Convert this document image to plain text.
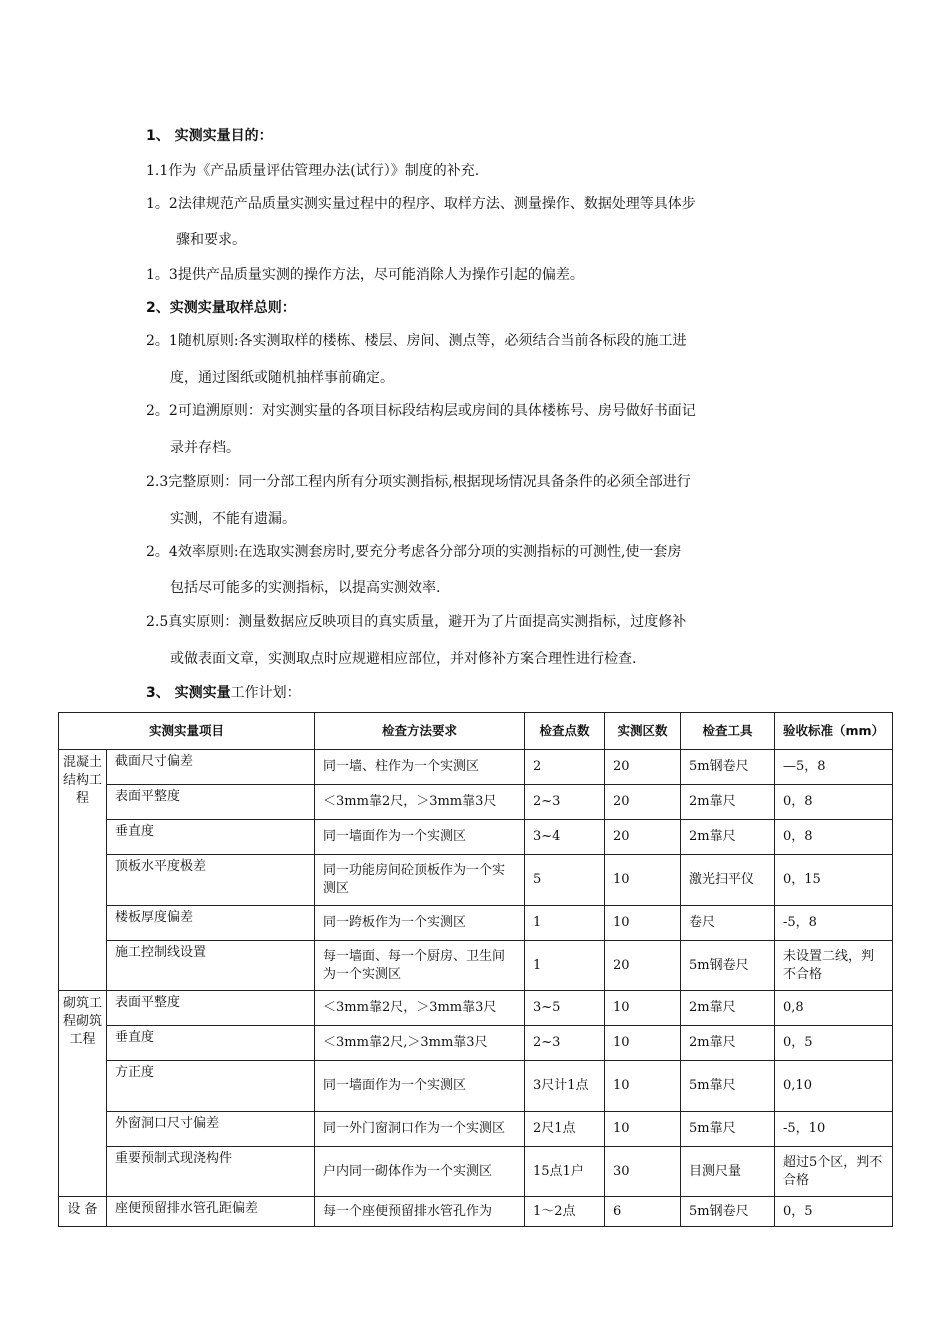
1、 实测实量目的：
1.1作为《产品质量评估管理办法(试行）》制度的补充.
1。2法律规范产品质量实测实量过程中的程序、取样方法、测量操作、数据处理等具体步
骤和要求。
1。3提供产品质量实测的操作方法，尽可能消除人为操作引起的偏差。
2、实测实量取样总则：
2。1随机原则:各实测取样的楼栋、楼层、房间、测点等，必须结合当前各标段的施工进
度，通过图纸或随机抽样事前确定。
2。2可追溯原则：对实测实量的各项目标段结构层或房间的具体楼栋号、房号做好书面记
录并存档。
2.3完整原则：同一分部工程内所有分项实测指标,根据现场情况具备条件的必须全部进行
实测，不能有遗漏。
2。4效率原则:在选取实测套房时,要充分考虑各分部分项的实测指标的可测性,使一套房
包括尽可能多的实测指标，以提高实测效率.
2.5真实原则：测量数据应反映项目的真实质量，避开为了片面提高实测指标，过度修补
或做表面文章，实测取点时应规避相应部位，并对修补方案合理性进行检查.
3、 实测实量工作计划：
实测实量项目		检查方法要求	检查点数	实测区数	检查工具	验收标准（mm）
混凝土结构工程	截面尺寸偏差	同一墙、柱作为一个实测区	2	20	5m钢卷尺	—5，8
	表面平整度	＜3mm靠2尺，＞3mm靠3尺	2~3	20	2m靠尺	0，8
	垂直度	同一墙面作为一个实测区	3~4	20	2m靠尺	0，8
	顶板水平度极差	同一功能房间砼顶板作为一个实测区	5	10	激光扫平仪	0，15
	楼板厚度偏差	同一跨板作为一个实测区	1	10	卷尺	-5，8
	施工控制线设置	每一墙面、每一个厨房、卫生间为一个实测区	1	20	5m钢卷尺	未设置二线，判不合格
砌筑工程砌筑工程	表面平整度	＜3mm靠2尺，＞3mm靠3尺	3~5	10	2m靠尺	0,8
	垂直度	＜3mm靠2尺,＞3mm靠3尺	2~3	10	2m靠尺	0，5
	方正度	同一墙面作为一个实测区	3尺计1点	10	5m靠尺	0,10
	外窗洞口尺寸偏差	同一外门窗洞口作为一个实测区	2尺1点	10	5m靠尺	-5，10
	重要预制式现浇构件	户内同一砌体作为一个实测区	15点1户	30	目测尺量	超过5个区，判不合格
设 备	座便预留排水管孔距偏差	每一个座便预留排水管孔作为	1～2点	6	5m钢卷尺	0，5
